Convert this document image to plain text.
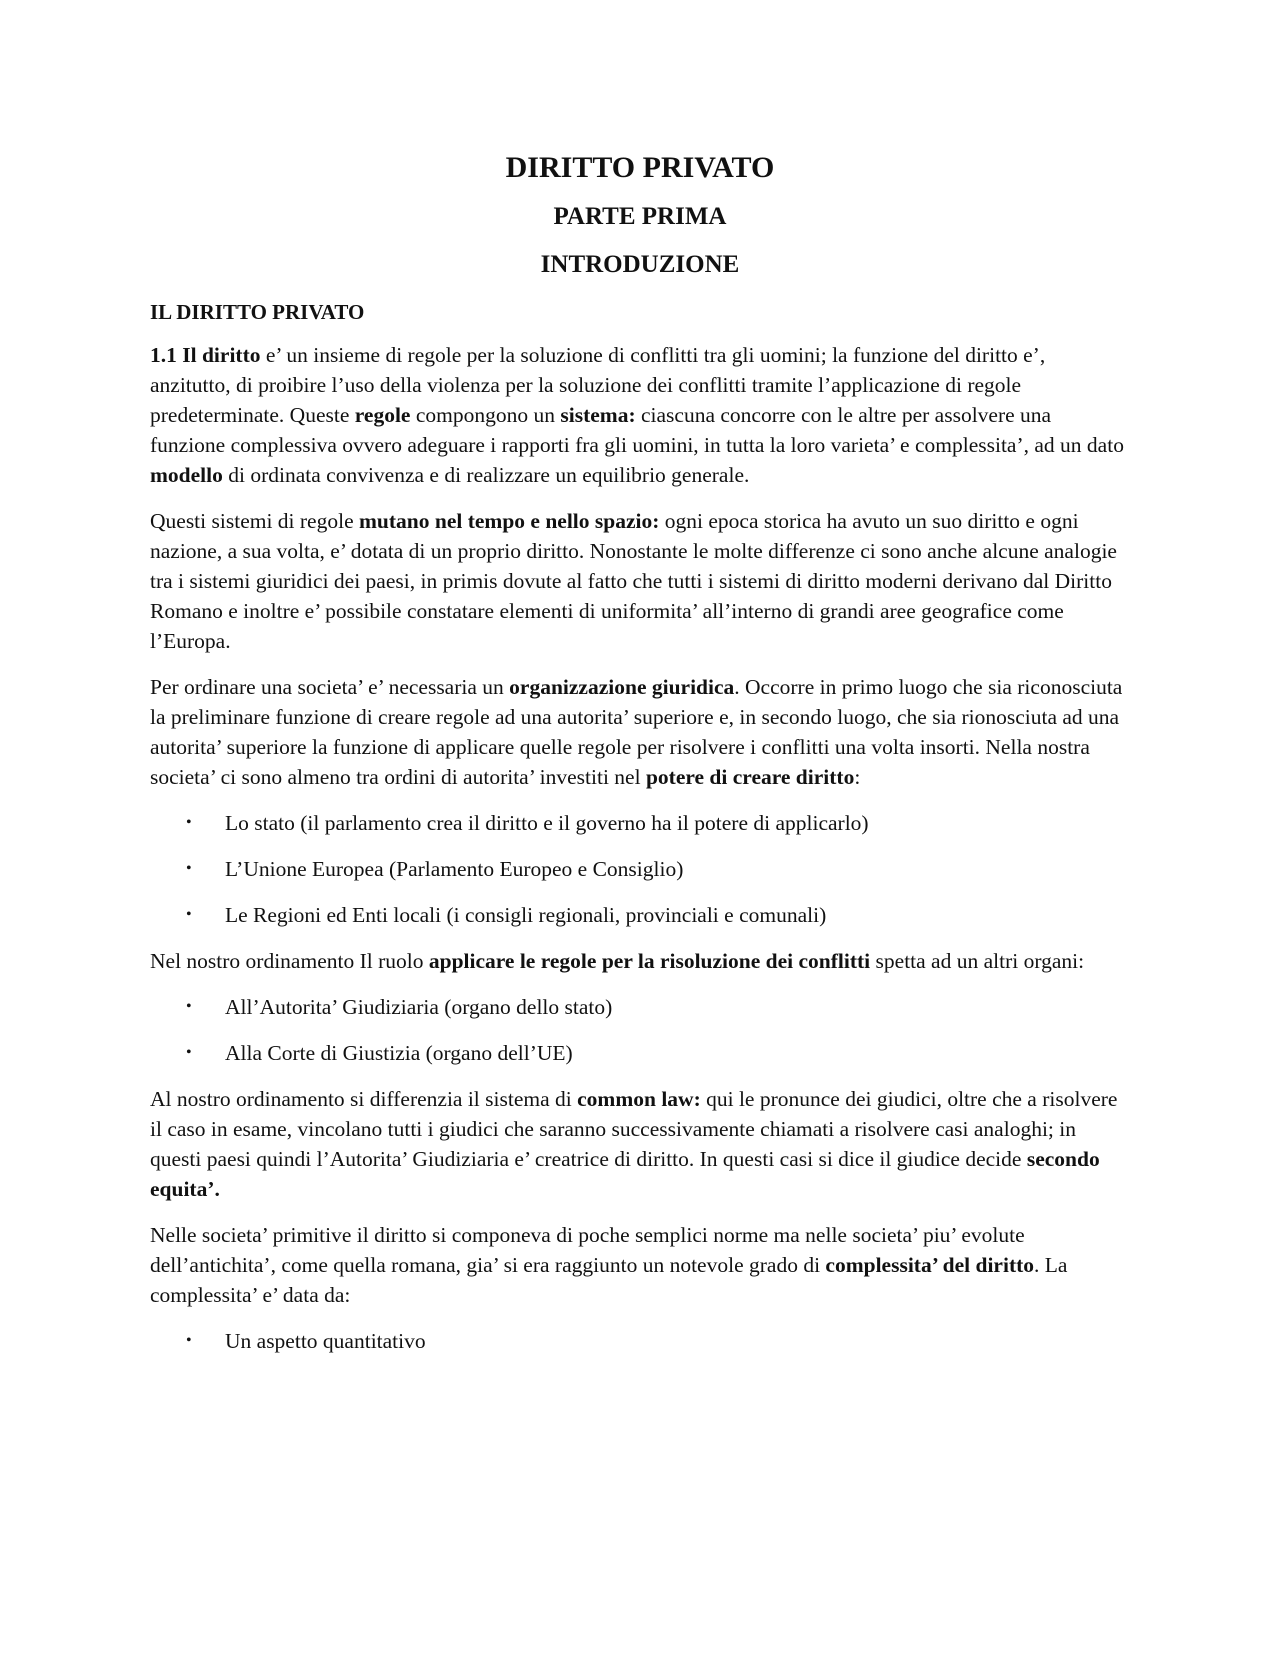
DIRITTO PRIVATO
PARTE PRIMA
INTRODUZIONE
IL DIRITTO PRIVATO

1.1 Il diritto e’ un insieme di regole per la soluzione di conflitti tra gli uomini; la funzione del diritto e’, anzitutto, di proibire l’uso della violenza per la soluzione dei conflitti tramite l’applicazione di regole predeterminate. Queste regole compongono un sistema: ciascuna concorre con le altre per assolvere una funzione complessiva ovvero adeguare i rapporti fra gli uomini, in tutta la loro varieta’ e complessita’, ad un dato modello di ordinata convivenza e di realizzare un equilibrio generale.

Questi sistemi di regole mutano nel tempo e nello spazio: ogni epoca storica ha avuto un suo diritto e ogni nazione, a sua volta, e’ dotata di un proprio diritto. Nonostante le molte differenze ci sono anche alcune analogie tra i sistemi giuridici dei paesi, in primis dovute al fatto che tutti i sistemi di diritto moderni derivano dal Diritto Romano e inoltre e’ possibile constatare elementi di uniformita’ all’interno di grandi aree geografice come l’Europa.

Per ordinare una societa’ e’ necessaria un organizzazione giuridica. Occorre in primo luogo che sia riconosciuta la preliminare funzione di creare regole ad una autorita’ superiore e, in secondo luogo, che sia rionosciuta ad una autorita’ superiore la funzione di applicare quelle regole per risolvere i conflitti una volta insorti. Nella nostra societa’ ci sono almeno tra ordini di autorita’ investiti nel potere di creare diritto:

• Lo stato (il parlamento crea il diritto e il governo ha il potere di applicarlo)
• L’Unione Europea (Parlamento Europeo e Consiglio)
• Le Regioni ed Enti locali (i consigli regionali, provinciali e comunali)

Nel nostro ordinamento Il ruolo applicare le regole per la risoluzione dei conflitti spetta ad un altri organi:

• All’Autorita’ Giudiziaria (organo dello stato)
• Alla Corte di Giustizia (organo dell’UE)

Al nostro ordinamento si differenzia il sistema di common law: qui le pronunce dei giudici, oltre che a risolvere il caso in esame, vincolano tutti i giudici che saranno successivamente chiamati a risolvere casi analoghi; in questi paesi quindi l’Autorita’ Giudiziaria e’ creatrice di diritto. In questi casi si dice il giudice decide secondo equita’.

Nelle societa’ primitive il diritto si componeva di poche semplici norme ma nelle societa’ piu’ evolute dell’antichita’, come quella romana, gia’ si era raggiunto un notevole grado di complessita’ del diritto. La complessita’ e’ data da:

• Un aspetto quantitativo
